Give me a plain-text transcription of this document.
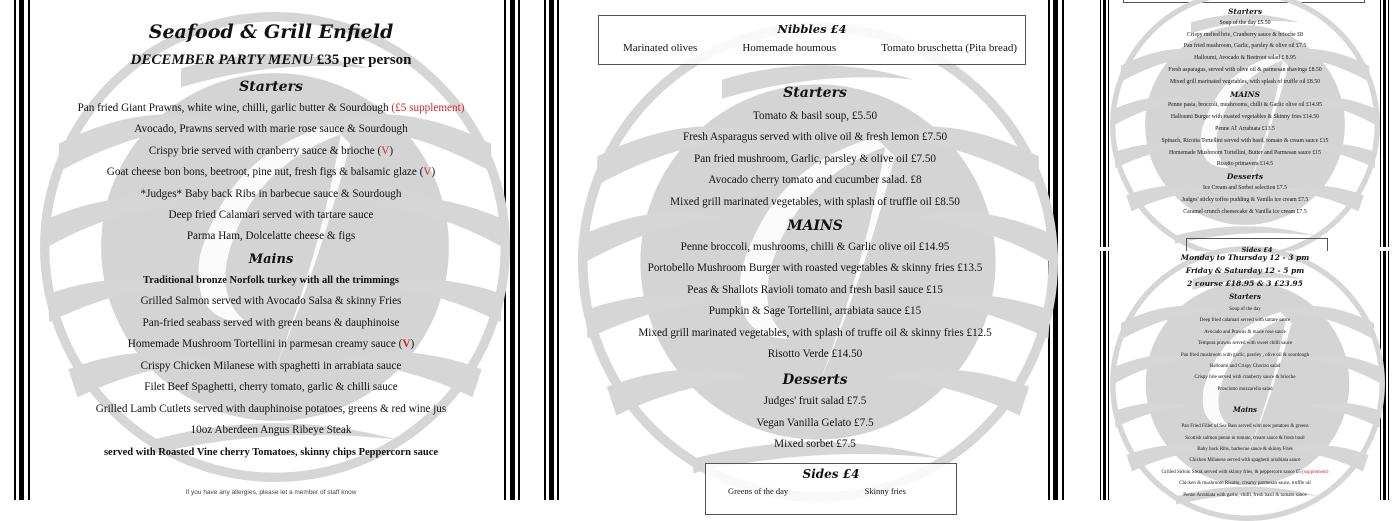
Seafood & Grill Enfield
DECEMBER PARTY MENU £35 per person
Starters
Pan fried Giant Prawns, white wine, chilli, garlic butter & Sourdough (£5 supplement)
Avocado, Prawns served with marie rose sauce & Sourdough
Crispy brie served with cranberry sauce & brioche (V)
Goat cheese bon bons, beetroot, pine nut, fresh figs & balsamic glaze (V)
*Judges* Baby back Ribs in barbecue sauce & Sourdough
Deep fried Calamari served with tartare sauce
Parma Ham, Dolcelatte cheese & figs
Mains
Traditional bronze Norfolk turkey with all the trimmings
Grilled Salmon served with Avocado Salsa & skinny Fries
Pan-fried seabass served with green beans & dauphinoise
Homemade Mushroom Tortellini in parmesan creamy sauce (V)
Crispy Chicken Milanese with spaghetti in arrabiata sauce
Filet Beef Spaghetti, cherry tomato, garlic & chilli sauce
Grilled Lamb Cutlets served with dauphinoise potatoes, greens & red wine jus
10oz Aberdeen Angus Ribeye Steak
served with Roasted Vine cherry Tomatoes, skinny chips Peppercorn sauce
If you have any allergies, please let a member of staff know
Nibbles £4
Marinated olives	Homemade houmous	Tomato bruschetta (Pita bread)
Starters
Tomato & basil soup, £5.50
Fresh Asparagus served with olive oil & fresh lemon £7.50
Pan fried mushroom, Garlic, parsley & olive oil £7.50
Avocado cherry tomato and cucumber salad. £8
Mixed grill marinated vegetables, with splash of truffle oil £8.50
MAINS
Penne broccoli, mushrooms, chilli & Garlic olive oil £14.95
Portobello Mushroom Burger with roasted vegetables & skinny fries £13.5
Peas & Shallots Ravioli tomato and fresh basil sauce £15
Pumpkin & Sage Tortellini, arrabiata sauce £15
Mixed grill marinated vegetables, with splash of truffe oil & skinny fries £12.5
Risotto Verde £14.50
Desserts
Judges' fruit salad £7.5
Vegan Vanilla Gelato £7.5
Mixed sorbet £7.5
Sides £4
Greens of the day	Skinny fries
Starters
Soup of the day £5.50
Crispy melted brie, Cranberry sauce & brioche £8
Pan fried mushroom, Garlic, parsley & olive oil £7.5
Halloumi, Avocado & Beetroot salad £ 8.95
Fresh asparagus, served with olive oil & parmesan shavings £8.50
Mixed grill marinated vegetables, with splash of truffle oil £8.50
MAINS
Penne pasta, broccoli, mushrooms, chilli & Garlic olive oil £14.95
Halloumi Burger with roasted vegetables & Skinny fries £14.50
Penne Al' Arrabiata £13.5
Spinach, Ricotta Tortellini served with basil, tomato & cream sauce £15
Homemade Mushroom Tortellini, Butter and Parmesan sauce £15
Risotto primavera £14.5
Desserts
Ice Cream and Sorbet selection £7.5
Judges' sticky toffee pudding & Vanilla ice cream £7.5
Caramel crunch cheesecake & Vanilla ice cream £7.5
Sides £4
Monday to Thursday 12 - 3 pm
Friday & Saturday 12 - 5 pm
2 course £18.95 & 3 £23.95
Starters
Soup of the day
Deep fried calamari served with tartare sauce
Avocado and Prawns & marie rose sauce
Tempura prawns served with sweet chilli sauce
Pan fried mushroom with garlic, parsley , olive oil & sourdough
Halloumi and Crispy Chorizo salad
Crispy brie served with cranberry sauce & brioche
Prosciutto mozzarella salad
Mains
Pan Fried Fillet of Sea Bass served with new potatoes & greens
Scottish salmon penne in tomato, cream sauce & fresh basil
Baby back Ribs, barbecue sauce & skinny Fries
Chicken Milanese served with spaghetti arrabiata sauce
Grilled Sirloin Steak served with skinny fries, & peppercorn sauce £5 (supplement)
Chicken & mushroom Risotto, creamy parmesan sauce, truffle oil
Penne Arrabiata with garlic, chilli, fresh basil & tomato sauce
